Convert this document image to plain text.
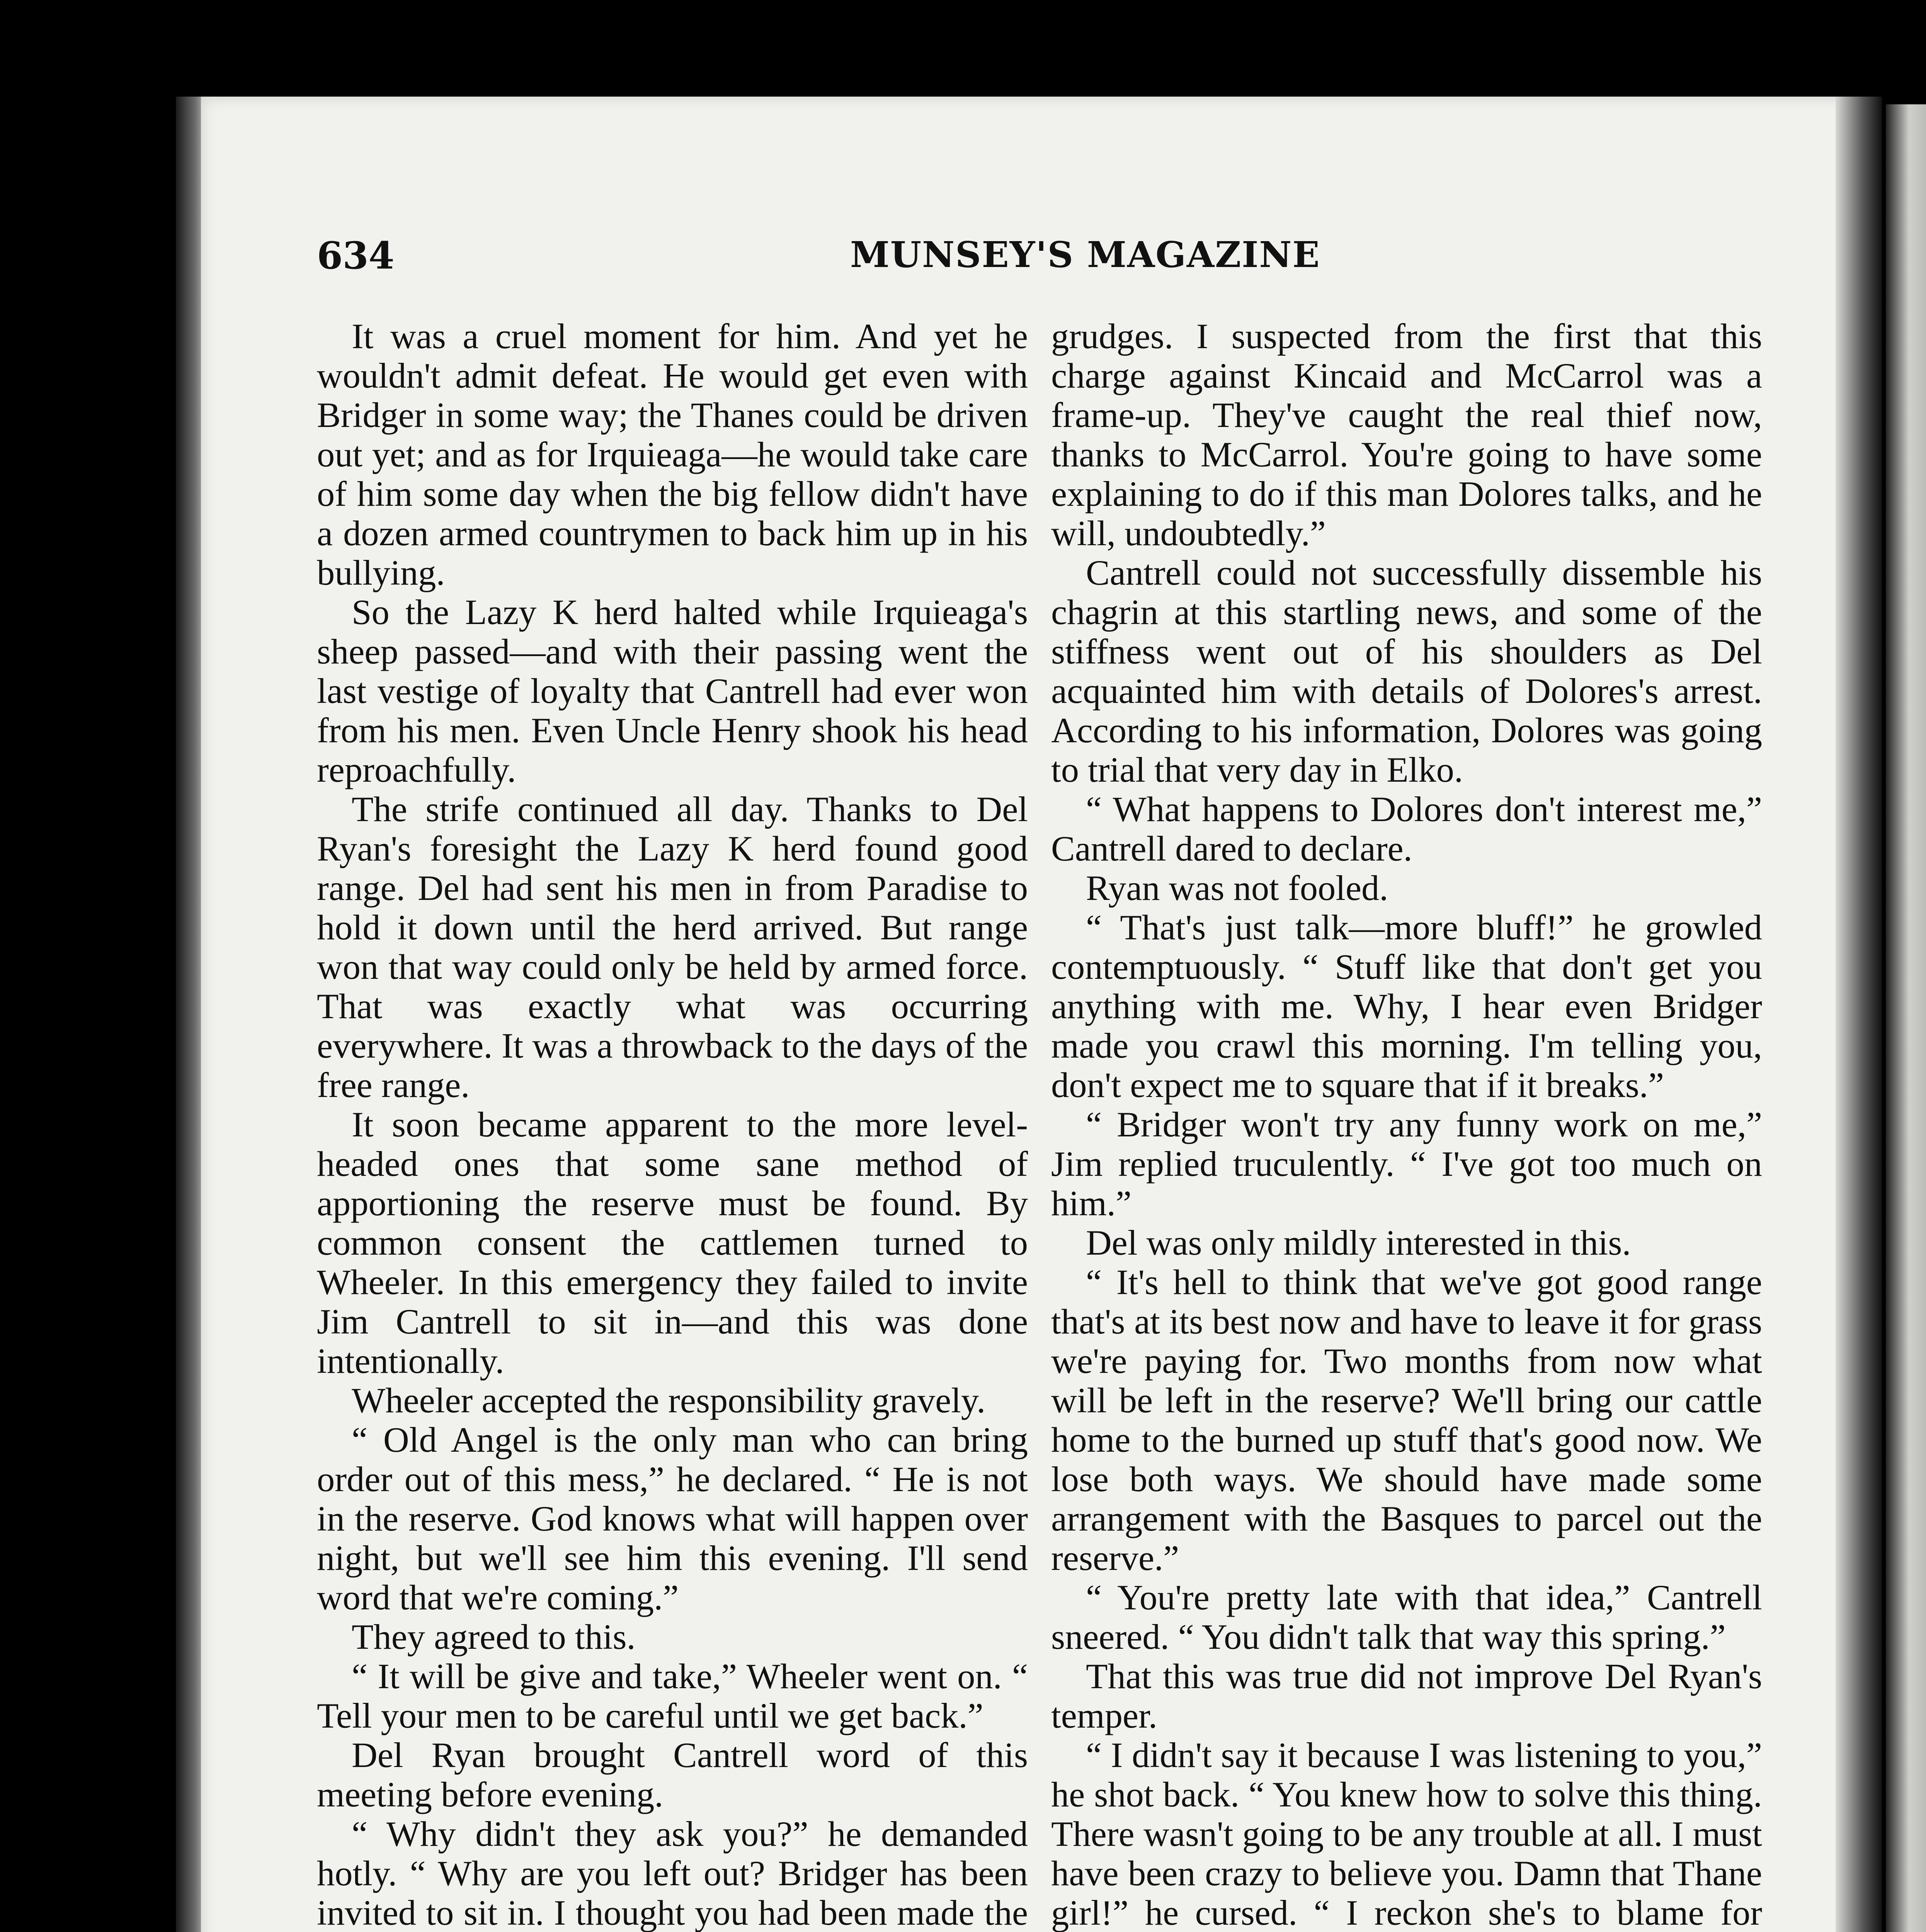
634	MUNSEY'S MAGAZINE

It was a cruel moment for him. And yet he wouldn't admit defeat. He would get even with Bridger in some way; the Thanes could be driven out yet; and as for Irquieaga—he would take care of him some day when the big fellow didn't have a dozen armed countrymen to back him up in his bullying.

So the Lazy K herd halted while Irquieaga's sheep passed—and with their passing went the last vestige of loyalty that Cantrell had ever won from his men. Even Uncle Henry shook his head reproachfully.

The strife continued all day. Thanks to Del Ryan's foresight the Lazy K herd found good range. Del had sent his men in from Paradise to hold it down until the herd arrived. But range won that way could only be held by armed force. That was exactly what was occurring everywhere. It was a throwback to the days of the free range.

It soon became apparent to the more level-headed ones that some sane method of apportioning the reserve must be found. By common consent the cattlemen turned to Wheeler. In this emergency they failed to invite Jim Cantrell to sit in—and this was done intentionally.

Wheeler accepted the responsibility gravely.

“ Old Angel is the only man who can bring order out of this mess,” he declared. “ He is not in the reserve. God knows what will happen over night, but we'll see him this evening. I'll send word that we're coming.”

They agreed to this.

“ It will be give and take,” Wheeler went on. “ Tell your men to be careful until we get back.”

Del Ryan brought Cantrell word of this meeting before evening.

“ Why didn't they ask you?” he demanded hotly. “ Why are you left out? Bridger has been invited to sit in. I thought you had been made the

grudges. I suspected from the first that this charge against Kincaid and McCarrol was a frame-up. They've caught the real thief now, thanks to McCarrol. You're going to have some explaining to do if this man Dolores talks, and he will, undoubtedly.”

Cantrell could not successfully dissemble his chagrin at this startling news, and some of the stiffness went out of his shoulders as Del acquainted him with details of Dolores's arrest. According to his information, Dolores was going to trial that very day in Elko.

“ What happens to Dolores don't interest me,” Cantrell dared to declare.

Ryan was not fooled.

“ That's just talk—more bluff!” he growled contemptuously. “ Stuff like that don't get you anything with me. Why, I hear even Bridger made you crawl this morning. I'm telling you, don't expect me to square that if it breaks.”

“ Bridger won't try any funny work on me,” Jim replied truculently. “ I've got too much on him.”

Del was only mildly interested in this.

“ It's hell to think that we've got good range that's at its best now and have to leave it for grass we're paying for. Two months from now what will be left in the reserve? We'll bring our cattle home to the burned up stuff that's good now. We lose both ways. We should have made some arrangement with the Basques to parcel out the reserve.”

“ You're pretty late with that idea,” Cantrell sneered. “ You didn't talk that way this spring.”

That this was true did not improve Del Ryan's temper.

“ I didn't say it because I was listening to you,” he shot back. “ You knew how to solve this thing. There wasn't going to be any trouble at all. I must have been crazy to believe you. Damn that Thane girl!” he cursed. “ I reckon she's to blame for
